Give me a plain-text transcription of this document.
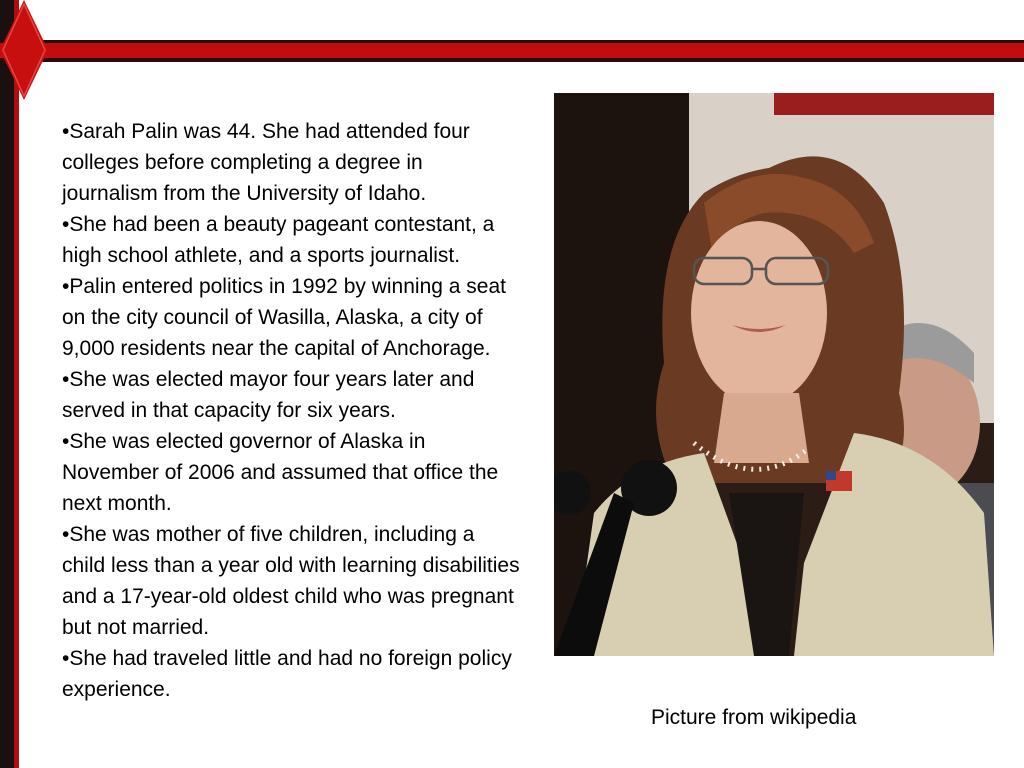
•Sarah Palin was 44. She had attended four colleges before completing a degree in journalism from the University of Idaho.
•She had been a beauty pageant contestant, a high school athlete, and a sports journalist.
•Palin entered politics in 1992 by winning a seat on the city council of Wasilla, Alaska, a city of 9,000 residents near the capital of Anchorage.
•She was elected mayor four years later and served in that capacity for six years.
•She was elected governor of Alaska in November of 2006 and assumed that office the next month.
•She was mother of five children, including a child less than a year old with learning disabilities and a 17-year-old oldest child who was pregnant but not married.
•She had traveled little and had no foreign policy experience.
Picture from wikipedia
